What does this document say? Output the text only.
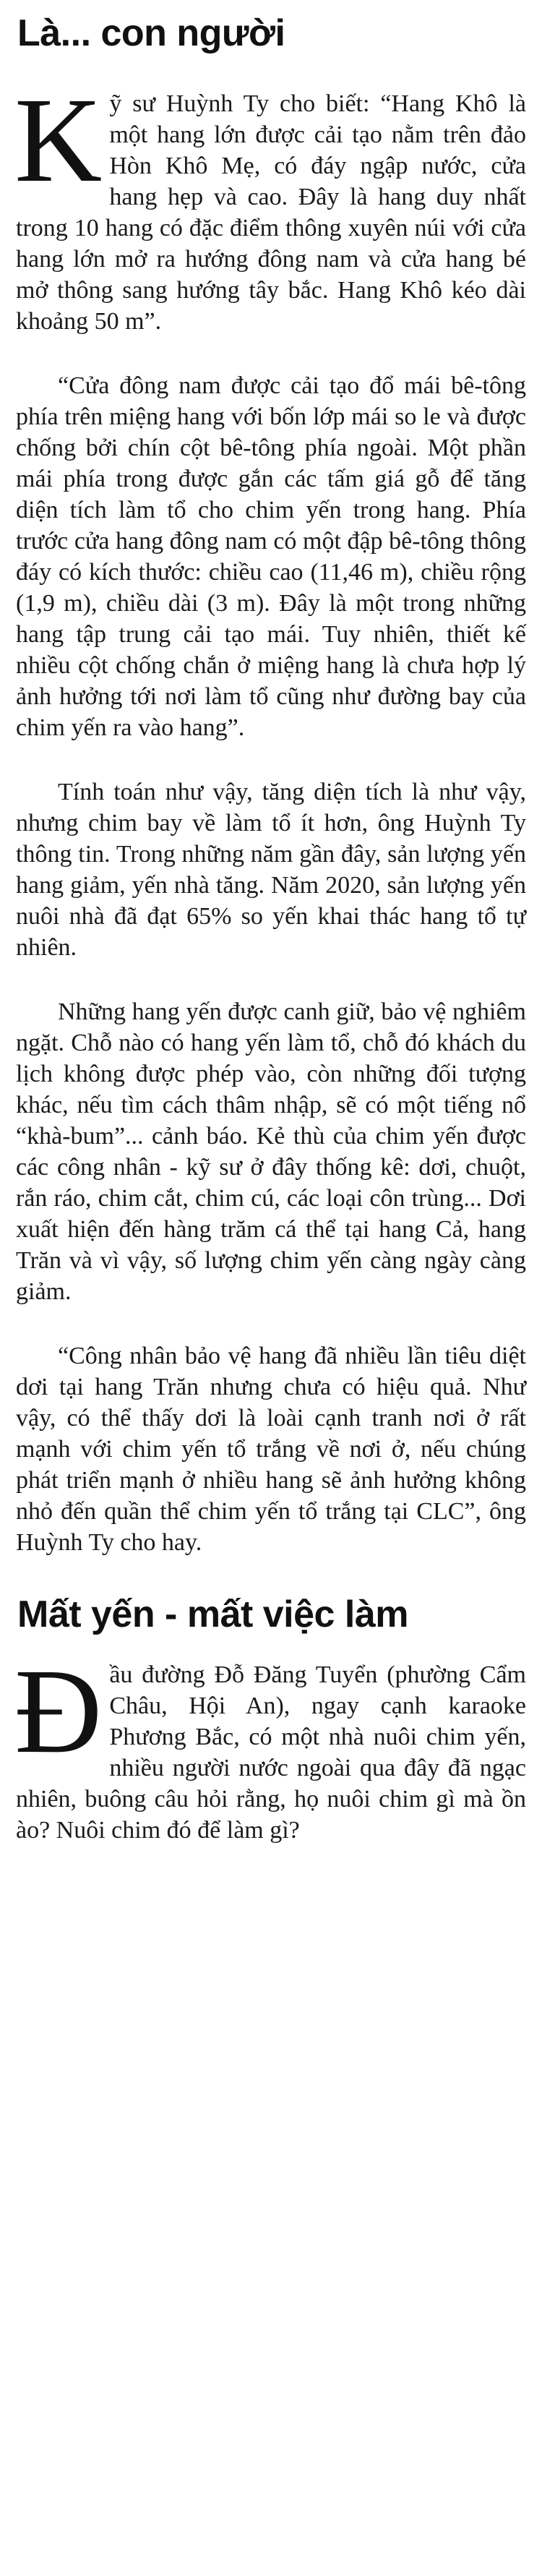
Là... con người

Kỹ sư Huỳnh Ty cho biết: “Hang Khô là một hang lớn được cải tạo nằm trên đảo Hòn Khô Mẹ, có đáy ngập nước, cửa hang hẹp và cao. Đây là hang duy nhất trong 10 hang có đặc điểm thông xuyên núi với cửa hang lớn mở ra hướng đông nam và cửa hang bé mở thông sang hướng tây bắc. Hang Khô kéo dài khoảng 50 m”.

“Cửa đông nam được cải tạo đổ mái bê-tông phía trên miệng hang với bốn lớp mái so le và được chống bởi chín cột bê-tông phía ngoài. Một phần mái phía trong được gắn các tấm giá gỗ để tăng diện tích làm tổ cho chim yến trong hang. Phía trước cửa hang đông nam có một đập bê-tông thông đáy có kích thước: chiều cao (11,46 m), chiều rộng (1,9 m), chiều dài (3 m). Đây là một trong những hang tập trung cải tạo mái. Tuy nhiên, thiết kế nhiều cột chống chắn ở miệng hang là chưa hợp lý ảnh hưởng tới nơi làm tổ cũng như đường bay của chim yến ra vào hang”.

Tính toán như vậy, tăng diện tích là như vậy, nhưng chim bay về làm tổ ít hơn, ông Huỳnh Ty thông tin. Trong những năm gần đây, sản lượng yến hang giảm, yến nhà tăng. Năm 2020, sản lượng yến nuôi nhà đã đạt 65% so yến khai thác hang tổ tự nhiên.

Những hang yến được canh giữ, bảo vệ nghiêm ngặt. Chỗ nào có hang yến làm tổ, chỗ đó khách du lịch không được phép vào, còn những đối tượng khác, nếu tìm cách thâm nhập, sẽ có một tiếng nổ “khà-bum”... cảnh báo. Kẻ thù của chim yến được các công nhân - kỹ sư ở đây thống kê: dơi, chuột, rắn ráo, chim cắt, chim cú, các loại côn trùng... Dơi xuất hiện đến hàng trăm cá thể tại hang Cả, hang Trăn và vì vậy, số lượng chim yến càng ngày càng giảm.

“Công nhân bảo vệ hang đã nhiều lần tiêu diệt dơi tại hang Trăn nhưng chưa có hiệu quả. Như vậy, có thể thấy dơi là loài cạnh tranh nơi ở rất mạnh với chim yến tổ trắng về nơi ở, nếu chúng phát triển mạnh ở nhiều hang sẽ ảnh hưởng không nhỏ đến quần thể chim yến tổ trắng tại CLC”, ông Huỳnh Ty cho hay.

Mất yến - mất việc làm

Đầu đường Đỗ Đăng Tuyển (phường Cẩm Châu, Hội An), ngay cạnh karaoke Phương Bắc, có một nhà nuôi chim yến, nhiều người nước ngoài qua đây đã ngạc nhiên, buông câu hỏi rằng, họ nuôi chim gì mà ồn ào? Nuôi chim đó để làm gì?
